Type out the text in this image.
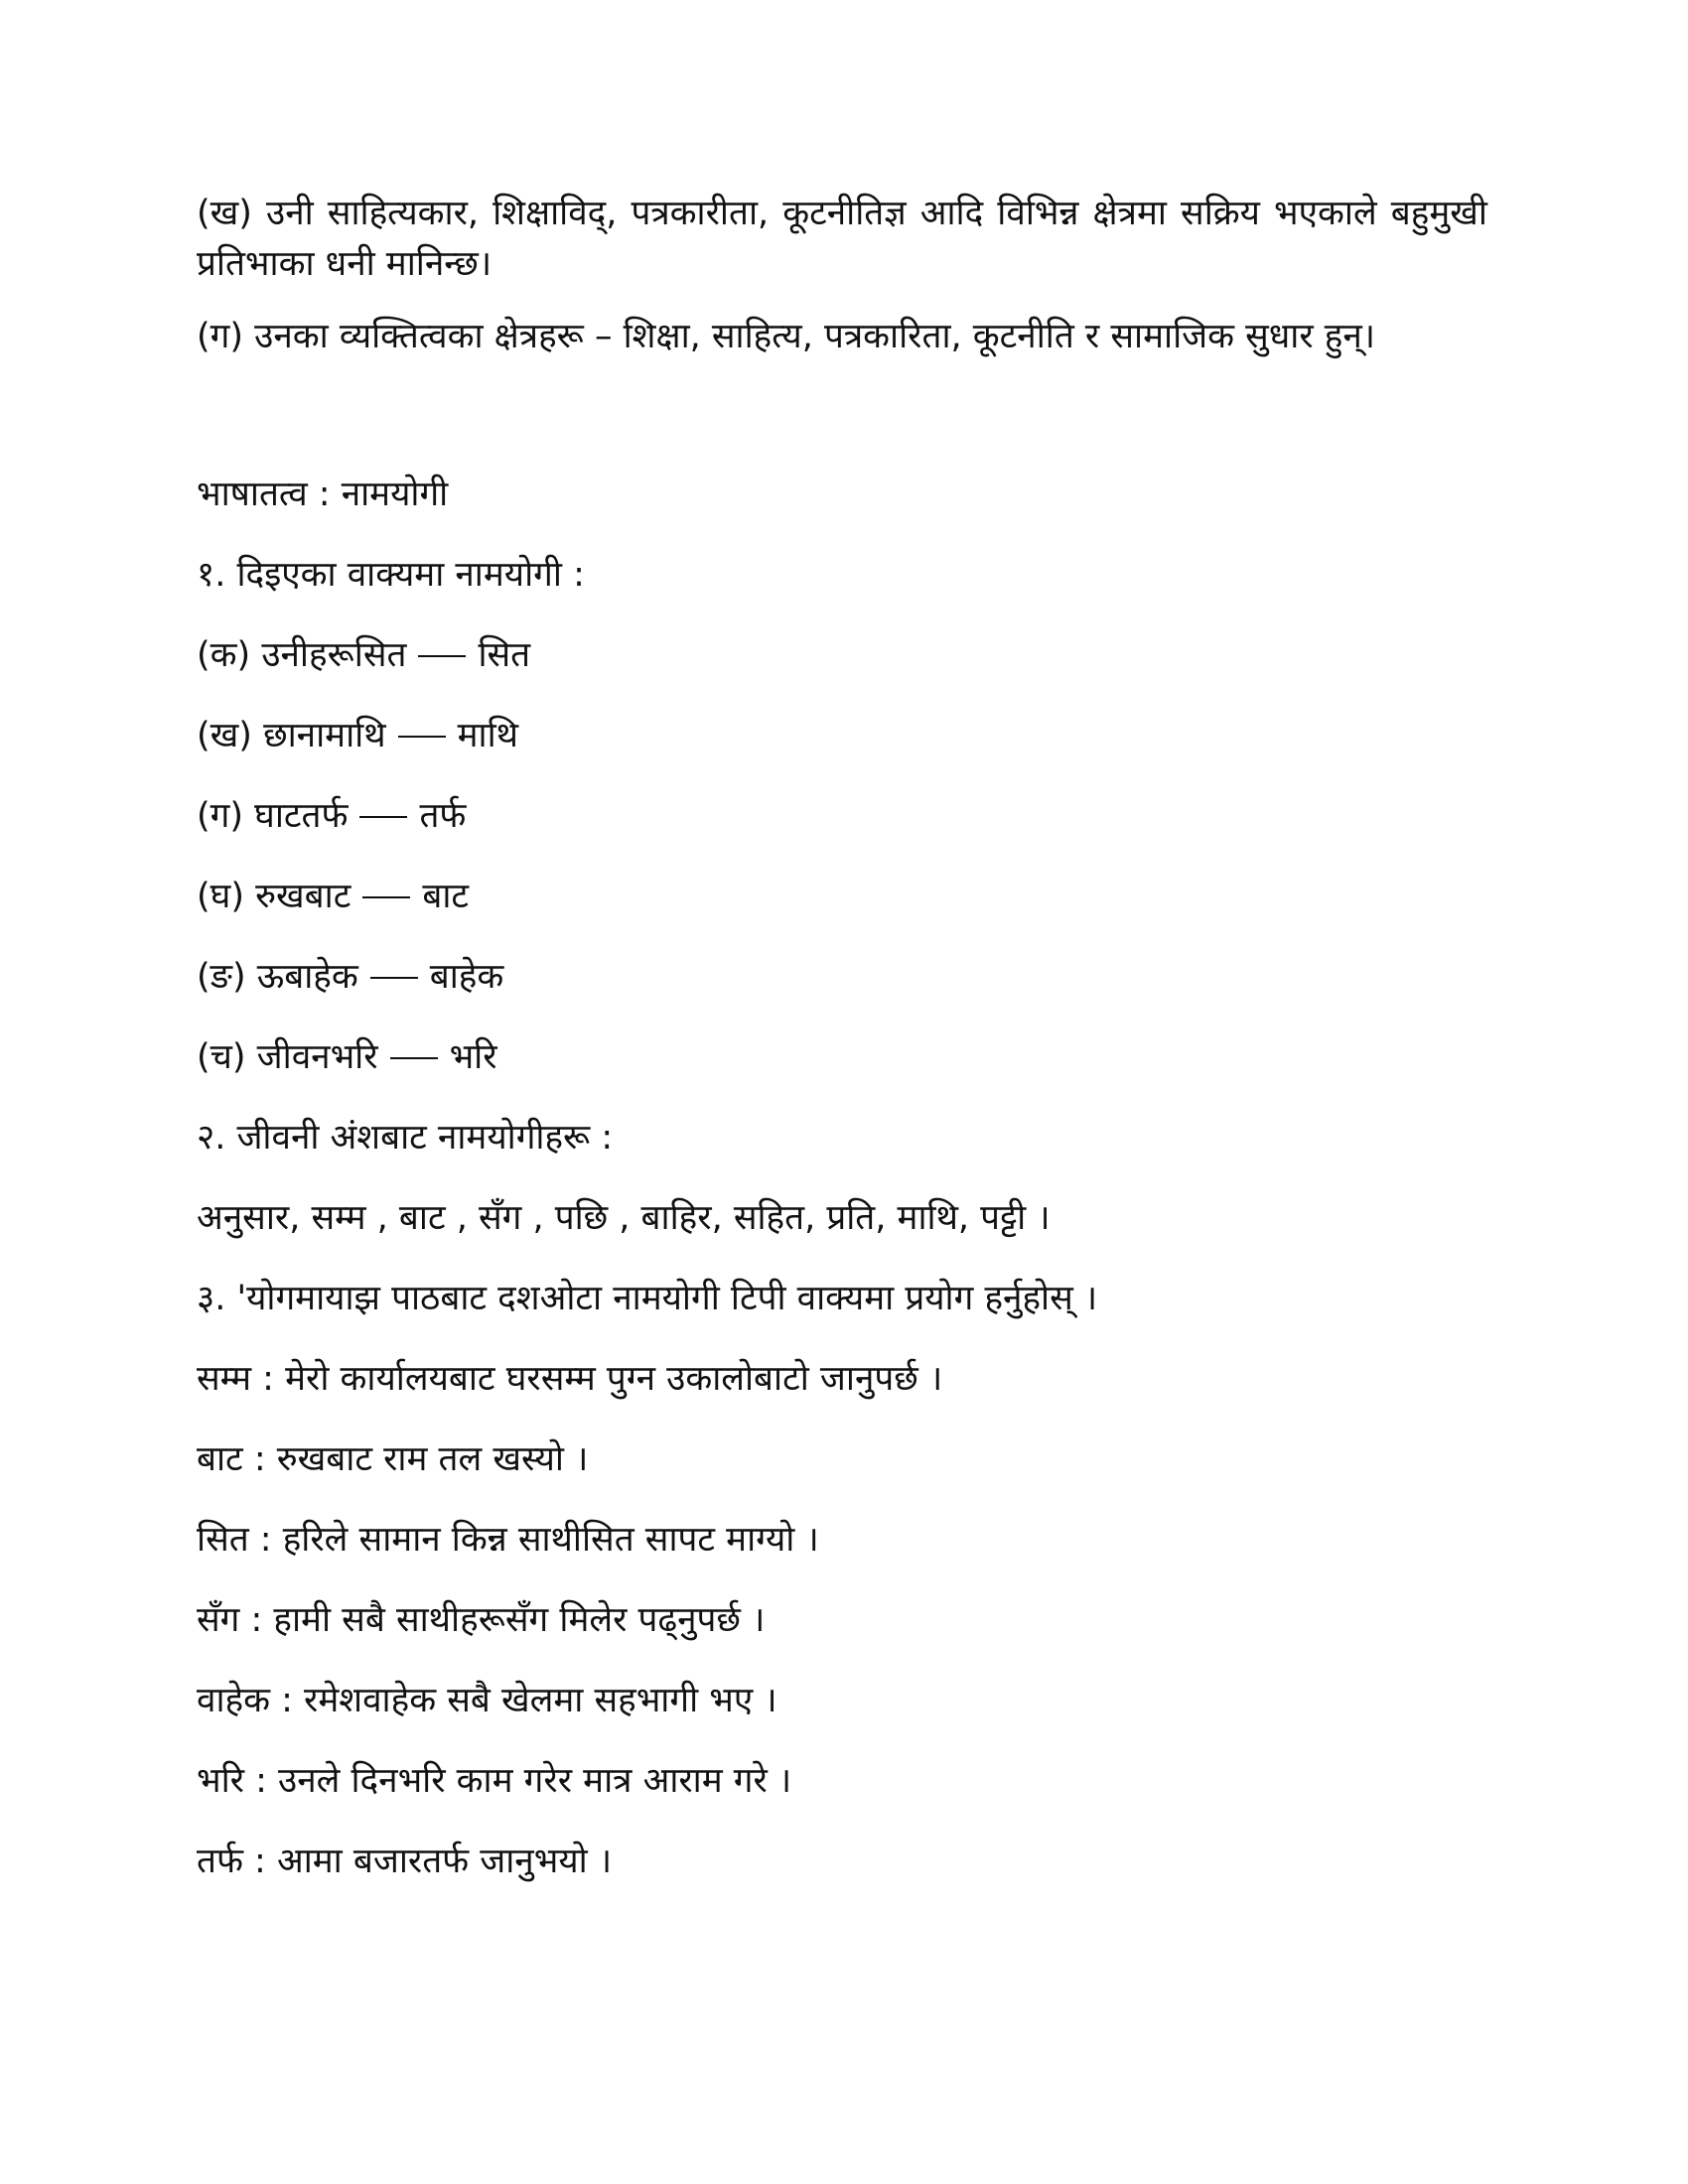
(ख) उनी साहित्यकार, शिक्षाविद्, पत्रकारीता, कूटनीतिज्ञ आदि विभिन्न क्षेत्रमा सक्रिय भएकाले बहुमुखी प्रतिभाका धनी मानिन्छ।

(ग) उनका व्यक्तित्वका क्षेत्रहरू – शिक्षा, साहित्य, पत्रकारिता, कूटनीति र सामाजिक सुधार हुन्।

भाषातत्व : नामयोगी

१. दिइएका वाक्यमा नामयोगी :

(क) उनीहरूसित सित

(ख) छानामाथि माथि

(ग) घाटतर्फ तर्फ

(घ) रुखबाट बाट

(ङ) ऊबाहेक बाहेक

(च) जीवनभरि भरि

२. जीवनी अंशबाट नामयोगीहरू :

अनुसार, सम्म , बाट , सँग , पछि , बाहिर, सहित, प्रति, माथि, पट्टी ।

३. 'योगमायाझ पाठबाट दशओटा नामयोगी टिपी वाक्यमा प्रयोग हर्नुहोस् ।

सम्म : मेरो कार्यालयबाट घरसम्म पुग्न उकालोबाटो जानुपर्छ ।

बाट : रुखबाट राम तल खस्यो ।

सित : हरिले सामान किन्न साथीसित सापट माग्यो ।

सँग : हामी सबै साथीहरूसँग मिलेर पढ्नुपर्छ ।

वाहेक : रमेशवाहेक सबै खेलमा सहभागी भए ।

भरि : उनले दिनभरि काम गरेर मात्र आराम गरे ।

तर्फ : आमा बजारतर्फ जानुभयो ।
